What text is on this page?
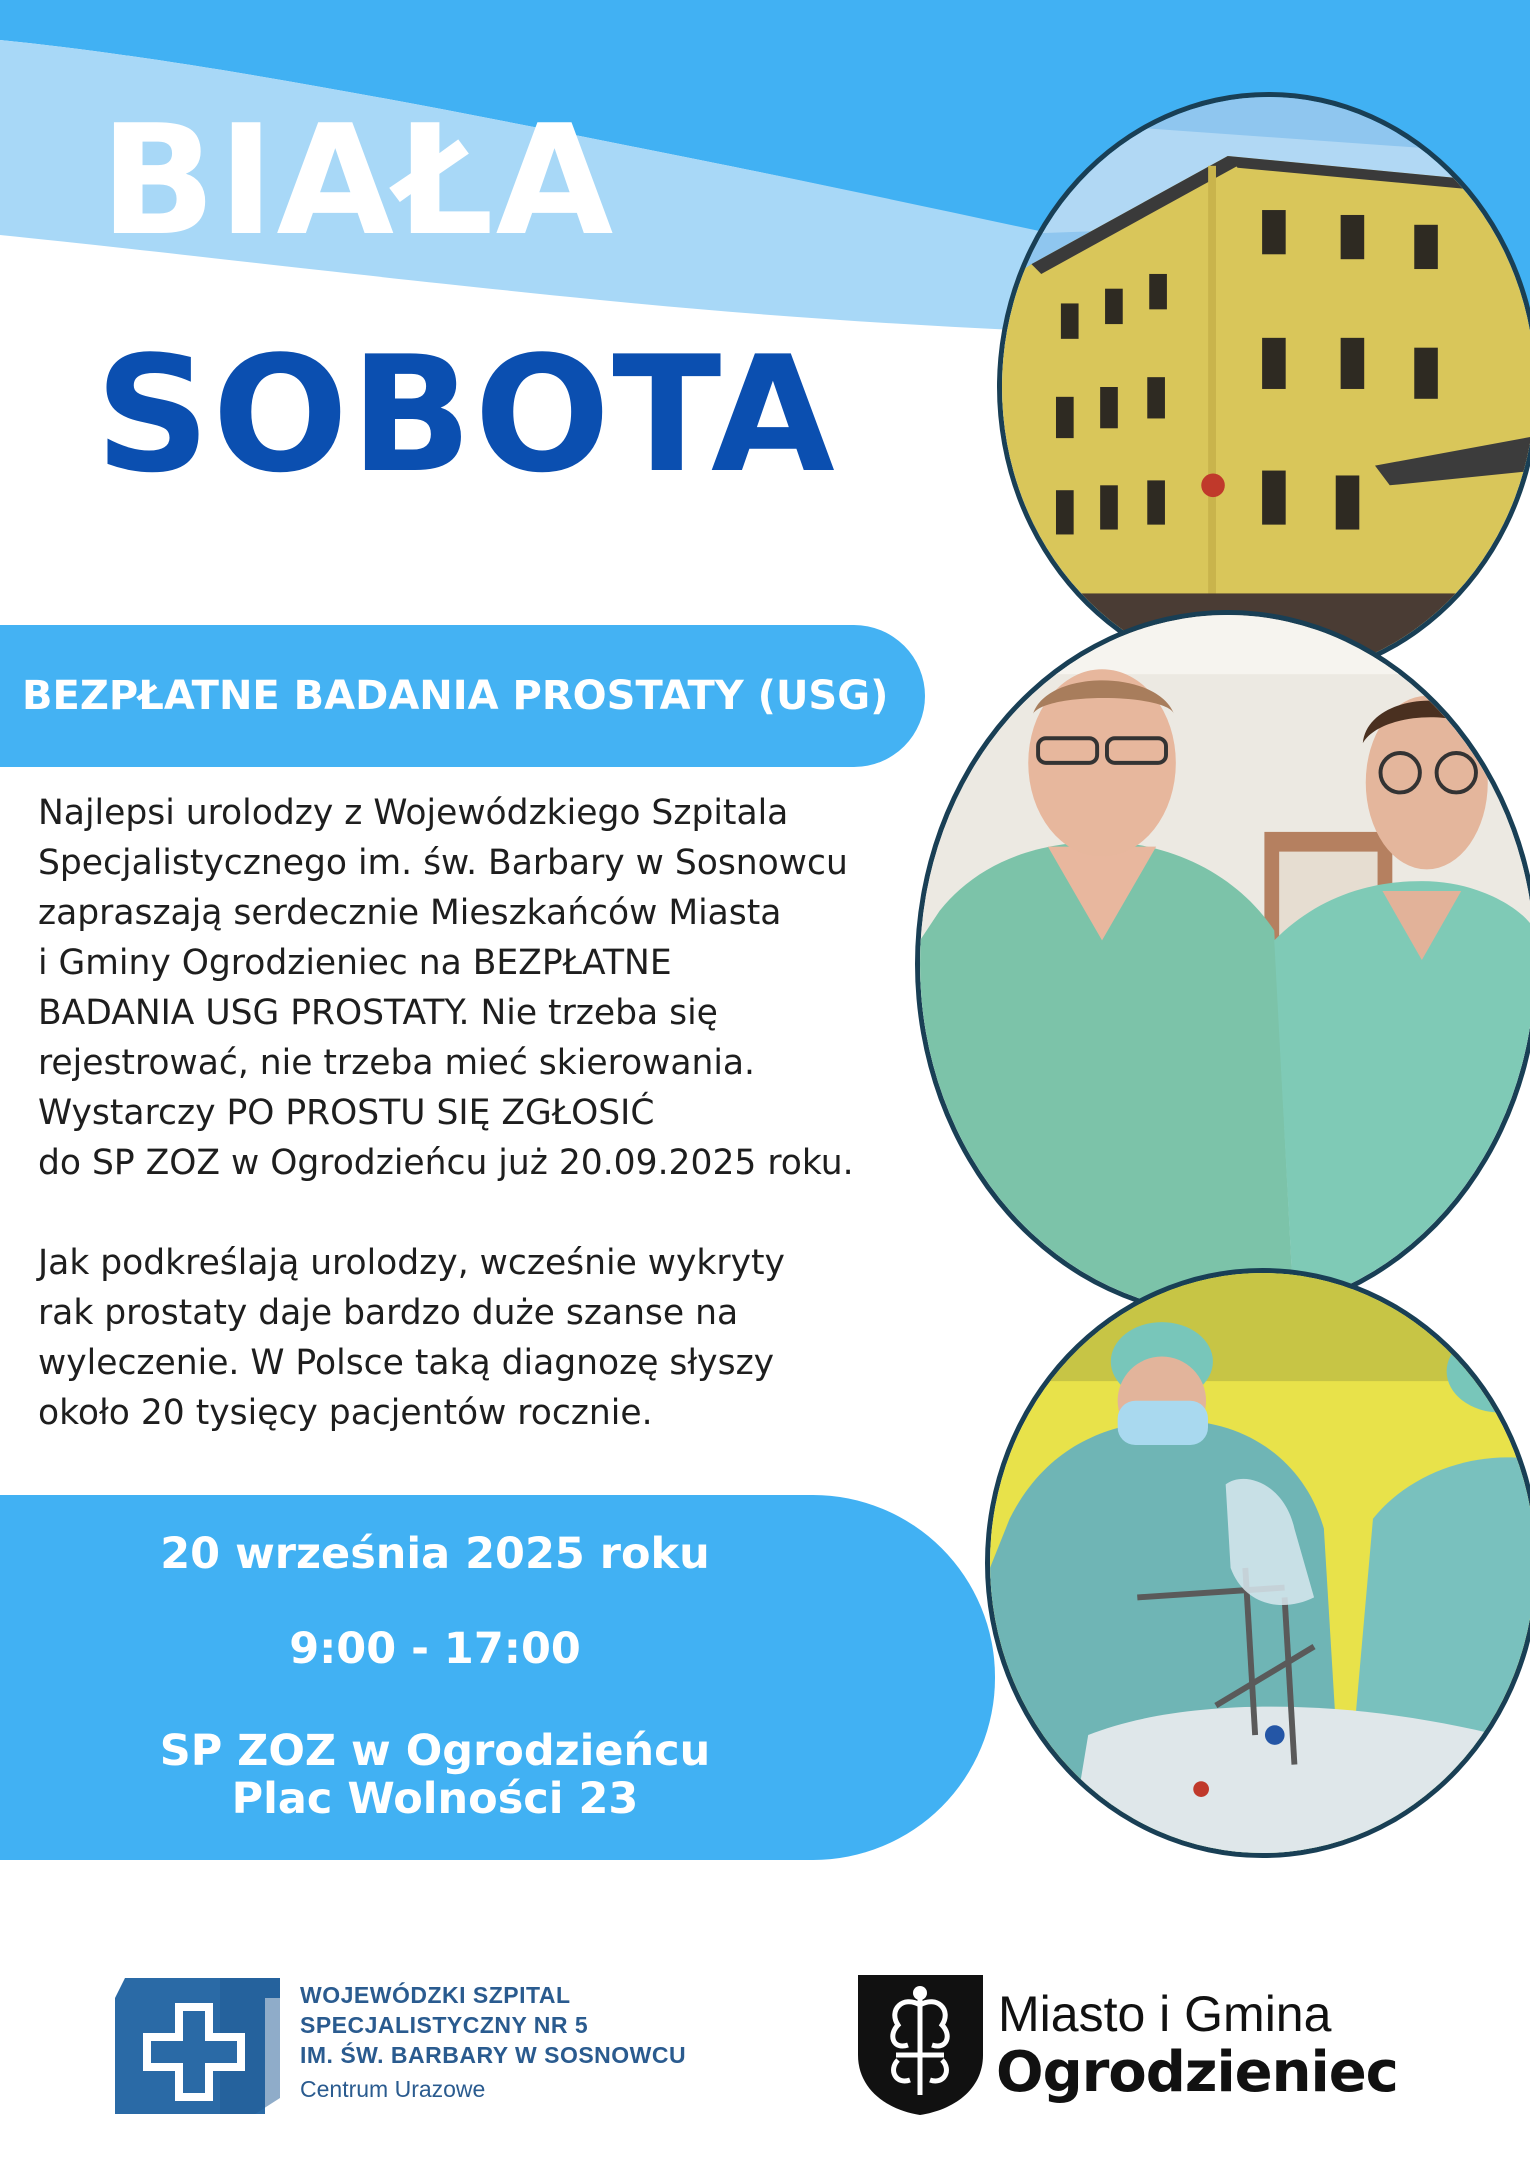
BIAŁA
SOBOTA
BEZPŁATNE BADANIA PROSTATY (USG)

Najlepsi urolodzy z Wojewódzkiego Szpitala

Specjalistycznego im. św. Barbary w Sosnowcu

zapraszają serdecznie Mieszkańców Miasta

i Gminy Ogrodzieniec na BEZPŁATNE

BADANIA USG PROSTATY. Nie trzeba się

rejestrować, nie trzeba mieć skierowania.

Wystarczy PO PROSTU SIĘ ZGŁOSIĆ

do SP ZOZ w Ogrodzieńcu już 20.09.2025 roku.

Jak podkreślają urolodzy, wcześnie wykryty

rak prostaty daje bardzo duże szanse na

wyleczenie. W Polsce taką diagnozę słyszy

około 20 tysięcy pacjentów rocznie.

20 września 2025 roku
9:00 - 17:00
SP ZOZ w Ogrodzieńcu
Plac Wolności 23
WOJEWÓDZKI SZPITAL
SPECJALISTYCZNY NR 5
IM. ŚW. BARBARY W SOSNOWCU
Centrum Urazowe
Miasto i Gmina
Ogrodzieniec
